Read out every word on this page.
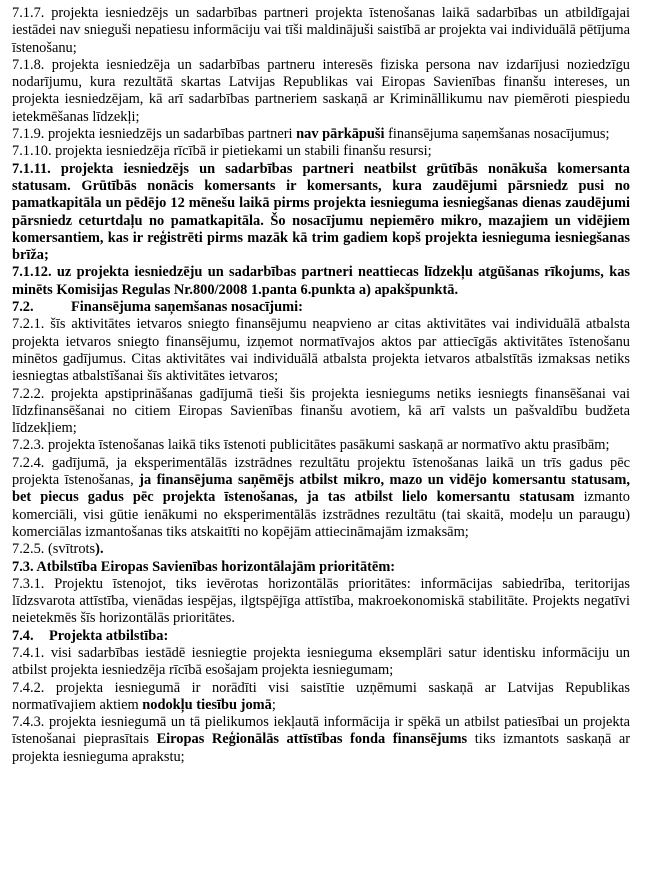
7.1.7. projekta iesniedzējs un sadarbības partneri projekta īstenošanas laikā sadarbības un atbildīgajai iestādei nav snieguši nepatiesu informāciju vai tīši maldinājuši saistībā ar projekta vai individuālā pētījuma īstenošanu;

7.1.8. projekta iesniedzēja un sadarbības partneru interesēs fiziska persona nav izdarījusi noziedzīgu nodarījumu, kura rezultātā skartas Latvijas Republikas vai Eiropas Savienības finanšu intereses, un projekta iesniedzējam, kā arī sadarbības partneriem saskaņā ar Krimināllikumu nav piemēroti piespiedu ietekmēšanas līdzekļi;

7.1.9. projekta iesniedzējs un sadarbības partneri nav pārkāpuši finansējuma saņemšanas nosacījumus;

7.1.10. projekta iesniedzēja rīcībā ir pietiekami un stabili finanšu resursi;

7.1.11. projekta iesniedzējs un sadarbības partneri neatbilst grūtībās nonākuša komersanta statusam. Grūtībās nonācis komersants ir komersants, kura zaudējumi pārsniedz pusi no pamatkapitāla un pēdējo 12 mēnešu laikā pirms projekta iesnieguma iesniegšanas dienas zaudējumi pārsniedz ceturtdaļu no pamatkapitāla. Šo nosacījumu nepiemēro mikro, mazajiem un vidējiem komersantiem, kas ir reģistrēti pirms mazāk kā trim gadiem kopš projekta iesnieguma iesniegšanas brīža;

7.1.12. uz projekta iesniedzēju un sadarbības partneri neattiecas līdzekļu atgūšanas rīkojums, kas minēts Komisijas Regulas Nr.800/2008 1.panta 6.punkta a) apakšpunktā.

7.2.	Finansējuma saņemšanas nosacījumi:

7.2.1. šīs aktivitātes ietvaros sniegto finansējumu neapvieno ar citas aktivitātes vai individuālā atbalsta projekta ietvaros sniegto finansējumu, izņemot normatīvajos aktos par attiecīgās aktivitātes īstenošanu minētos gadījumus. Citas aktivitātes vai individuālā atbalsta projekta ietvaros atbalstītās izmaksas netiks iesniegtas atbalstīšanai šīs aktivitātes ietvaros;

7.2.2. projekta apstiprināšanas gadījumā tieši šis projekta iesniegums netiks iesniegts finansēšanai vai līdzfinansēšanai no citiem Eiropas Savienības finanšu avotiem, kā arī valsts un pašvaldību budžeta līdzekļiem;

7.2.3. projekta īstenošanas laikā tiks īstenoti publicitātes pasākumi saskaņā ar normatīvo aktu prasībām;

7.2.4. gadījumā, ja eksperimentālās izstrādnes rezultātu projektu īstenošanas laikā un trīs gadus pēc projekta īstenošanas, ja finansējuma saņēmējs atbilst mikro, mazo un vidējo komersantu statusam, bet piecus gadus pēc projekta īstenošanas, ja tas atbilst lielo komersantu statusam izmanto komerciāli, visi gūtie ienākumi no eksperimentālās izstrādnes rezultātu (tai skaitā, modeļu un paraugu) komerciālas izmantošanas tiks atskaitīti no kopējām attiecināmajām izmaksām;

7.2.5. (svītrots).

7.3. Atbilstība Eiropas Savienības horizontālajām prioritātēm:

7.3.1. Projektu īstenojot, tiks ievērotas horizontālās prioritātes: informācijas sabiedrība, teritorijas līdzsvarota attīstība, vienādas iespējas, ilgtspējīga attīstība, makroekonomiskā stabilitāte. Projekts negatīvi neietekmēs šīs horizontālās prioritātes.

7.4.	Projekta atbilstība:

7.4.1. visi sadarbības iestādē iesniegtie projekta iesnieguma eksemplāri satur identisku informāciju un atbilst projekta iesniedzēja rīcībā esošajam projekta iesniegumam;

7.4.2. projekta iesniegumā ir norādīti visi saistītie uzņēmumi saskaņā ar Latvijas Republikas normatīvajiem aktiem nodokļu tiesību jomā;

7.4.3. projekta iesniegumā un tā pielikumos iekļautā informācija ir spēkā un atbilst patiesībai un projekta īstenošanai pieprasītais Eiropas Reģionālās attīstības fonda finansējums tiks izmantots saskaņā ar projekta iesnieguma aprakstu;
